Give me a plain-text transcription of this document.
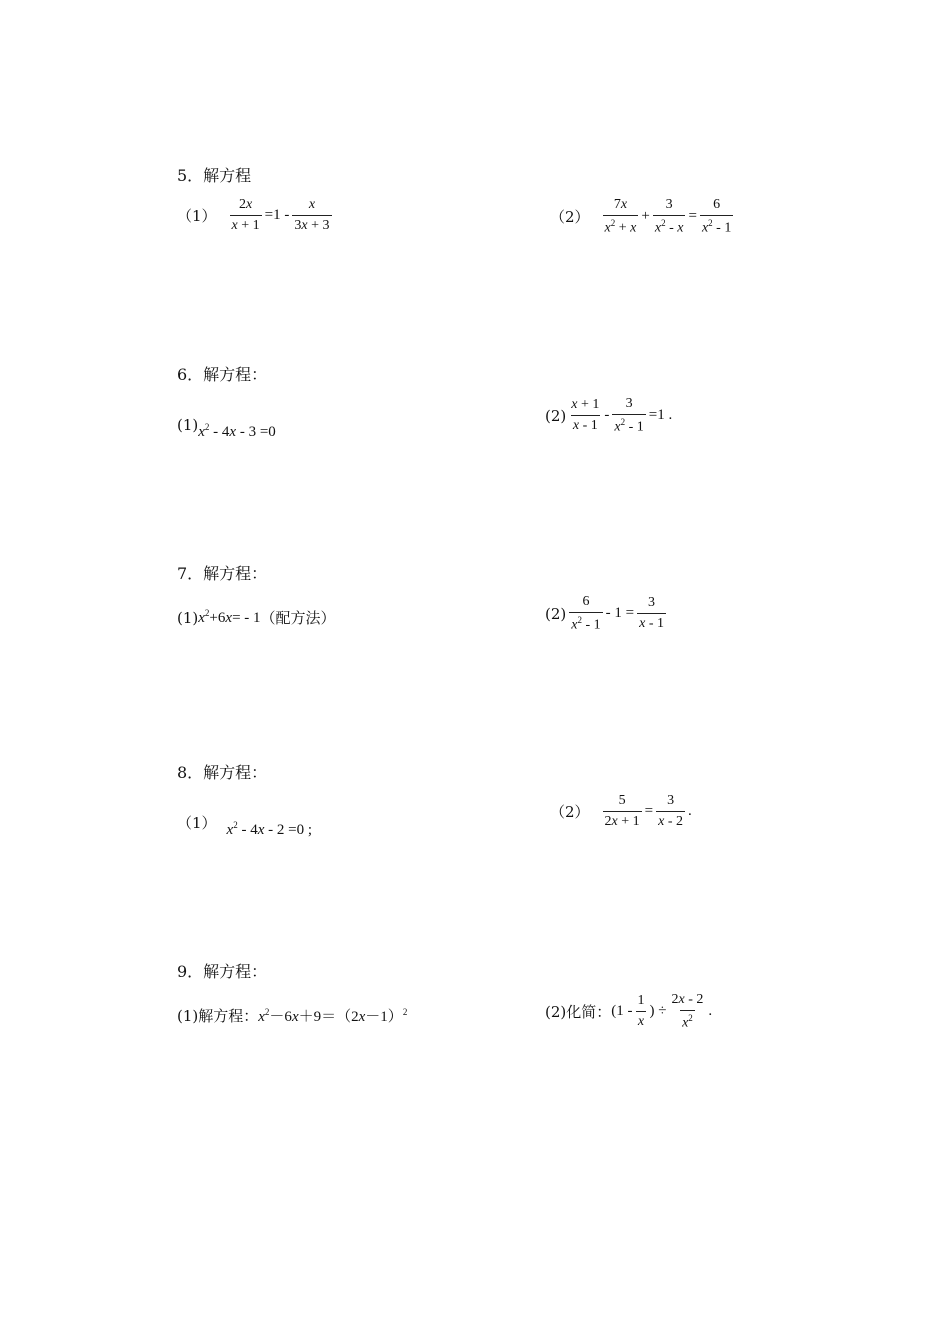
5．解方程
$(1) \frac{2x}{x + 1} =1 - \frac{x}{3x + 3}$	$(2) \frac{7x}{x^2 + x} + \frac{3}{x^2 - x} = \frac{6}{x^2 - 1}$
6．解方程：
(1) $x^2 - 4x - 3 =0$
$(2) \frac{x + 1}{x - 1} - \frac{3}{x^2 - 1} =1$ .
7．解方程：
(1) $x^2+6x= - 1$ （配方法）	$(2) \frac{6}{x^2 - 1} - 1 = \frac{3}{x - 1}$
8．解方程：
（1） $x^2 - 4x - 2 =0$ ;
$(2) \frac{5}{2x + 1} = \frac{3}{x - 2}$ .
9．解方程：
(1)解方程： $x^2-6x+9=(2x-1)^2$	(2)化简： ($1 - \frac{1}{x}$ ) ÷ $\frac{2x - 2}{x^2}$ .
